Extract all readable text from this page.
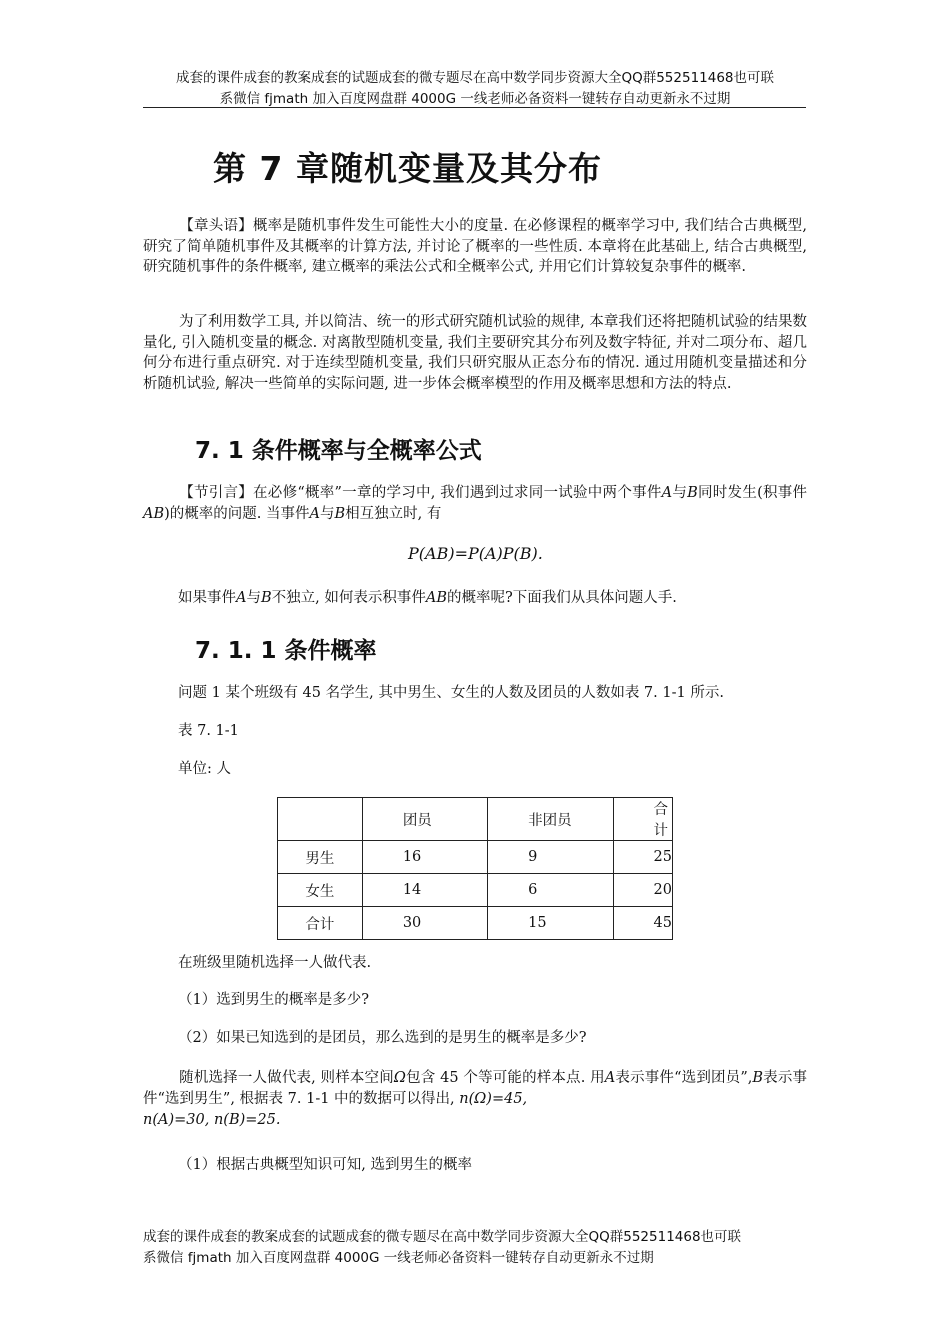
成套的课件成套的教案成套的试题成套的微专题尽在高中数学同步资源大全QQ群552511468也可联
系微信 fjmath 加入百度网盘群 4000G 一线老师必备资料一键转存自动更新永不过期
第 7 章随机变量及其分布
【章头语】概率是随机事件发生可能性大小的度量. 在必修课程的概率学习中, 我们结合古典概型, 研究了简单随机事件及其概率的计算方法, 并讨论了概率的一些性质. 本章将在此基础上, 结合古典概型, 研究随机事件的条件概率, 建立概率的乘法公式和全概率公式, 并用它们计算较复杂事件的概率.
为了利用数学工具, 并以简洁、统一的形式研究随机试验的规律, 本章我们还将把随机试验的结果数量化, 引入随机变量的概念. 对离散型随机变量, 我们主要研究其分布列及数字特征, 并对二项分布、超几何分布进行重点研究. 对于连续型随机变量, 我们只研究服从正态分布的情况. 通过用随机变量描述和分析随机试验, 解决一些简单的实际问题, 进一步体会概率模型的作用及概率思想和方法的特点.
7. 1 条件概率与全概率公式
【节引言】在必修“概率”一章的学习中, 我们遇到过求同一试验中两个事件A与B同时发生(积事件AB)的概率的问题. 当事件A与B相互独立时, 有
P(AB)=P(A)P(B).
如果事件A与B不独立, 如何表示积事件AB的概率呢?下面我们从具体问题人手.
7. 1. 1 条件概率
问题 1 某个班级有 45 名学生, 其中男生、女生的人数及团员的人数如表 7. 1-1 所示.
表 7. 1-1
单位: 人
	团员	非团员	合计
男生	16	9	25
女生	14	6	20
合计	30	15	45
在班级里随机选择一人做代表.
（1）选到男生的概率是多少?
（2）如果已知选到的是团员，那么选到的是男生的概率是多少?
随机选择一人做代表, 则样本空间Ω包含 45 个等可能的样本点. 用A表示事件“选到团员”,B表示事件“选到男生”, 根据表 7. 1-1 中的数据可以得出, n(Ω)=45,
n(A)=30, n(B)=25.
（1）根据古典概型知识可知, 选到男生的概率
成套的课件成套的教案成套的试题成套的微专题尽在高中数学同步资源大全QQ群552511468也可联
系微信 fjmath 加入百度网盘群 4000G 一线老师必备资料一键转存自动更新永不过期
